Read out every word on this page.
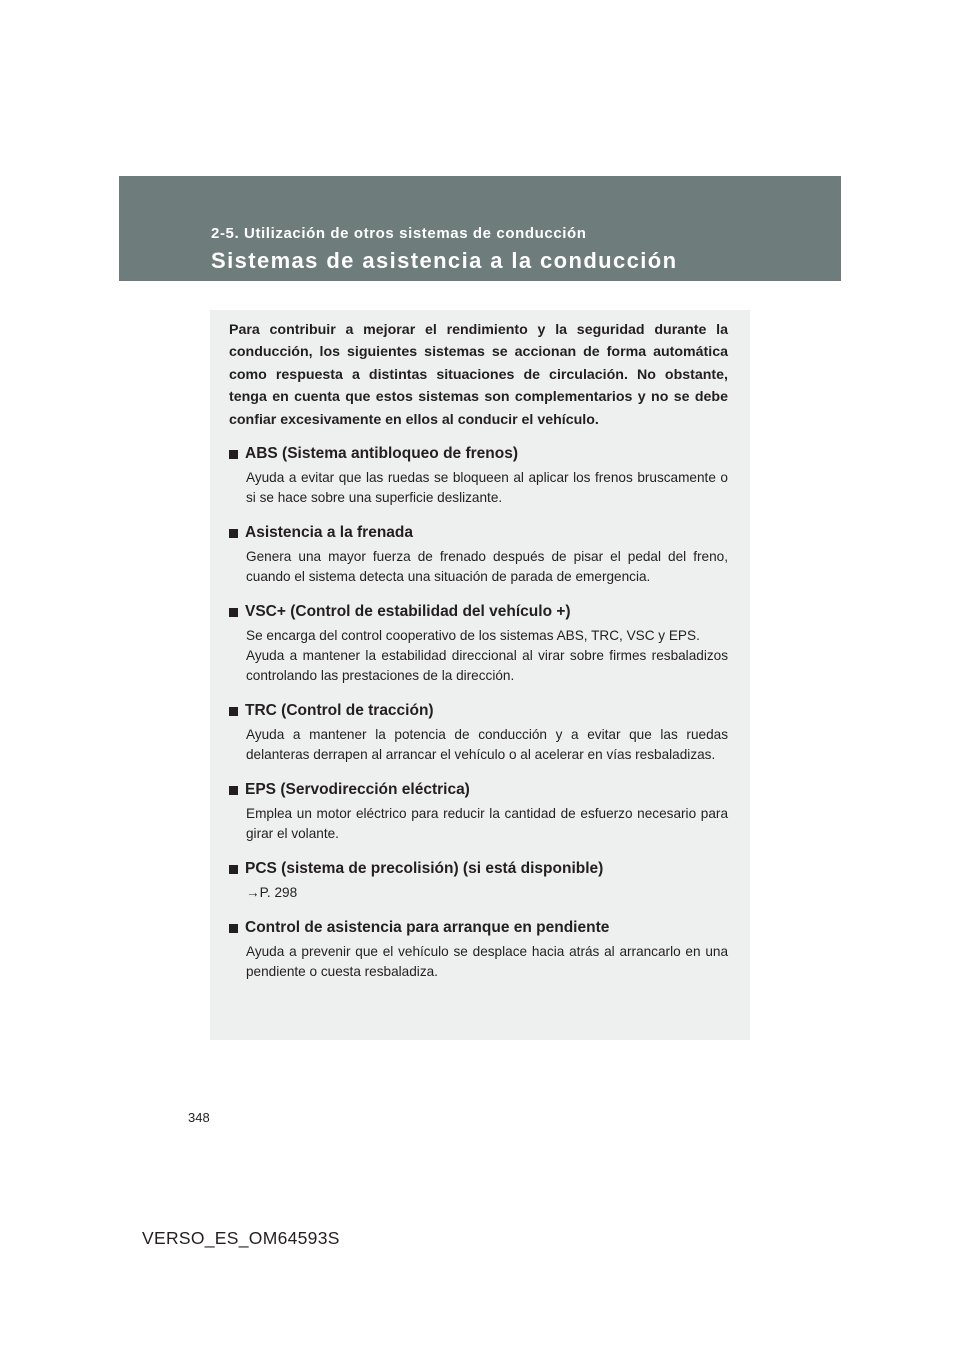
2-5. Utilización de otros sistemas de conducción
Sistemas de asistencia a la conducción

Para contribuir a mejorar el rendimiento y la seguridad durante la conducción, los siguientes sistemas se accionan de forma automática como respuesta a distintas situaciones de circulación. No obstante, tenga en cuenta que estos sistemas son complementarios y no se debe confiar excesivamente en ellos al conducir el vehículo.

ABS (Sistema antibloqueo de frenos)

Ayuda a evitar que las ruedas se bloqueen al aplicar los frenos bruscamente o si se hace sobre una superficie deslizante.

Asistencia a la frenada

Genera una mayor fuerza de frenado después de pisar el pedal del freno, cuando el sistema detecta una situación de parada de emergencia.

VSC+ (Control de estabilidad del vehículo +)

Se encarga del control cooperativo de los sistemas ABS, TRC, VSC y EPS.

Ayuda a mantener la estabilidad direccional al virar sobre firmes resbaladizos controlando las prestaciones de la dirección.

TRC (Control de tracción)

Ayuda a mantener la potencia de conducción y a evitar que las ruedas delanteras derrapen al arrancar el vehículo o al acelerar en vías resbaladizas.

EPS (Servodirección eléctrica)

Emplea un motor eléctrico para reducir la cantidad de esfuerzo necesario para girar el volante.

PCS (sistema de precolisión) (si está disponible)

→P. 298

Control de asistencia para arranque en pendiente

Ayuda a prevenir que el vehículo se desplace hacia atrás al arrancarlo en una pendiente o cuesta resbaladiza.

348
VERSO_ES_OM64593S
